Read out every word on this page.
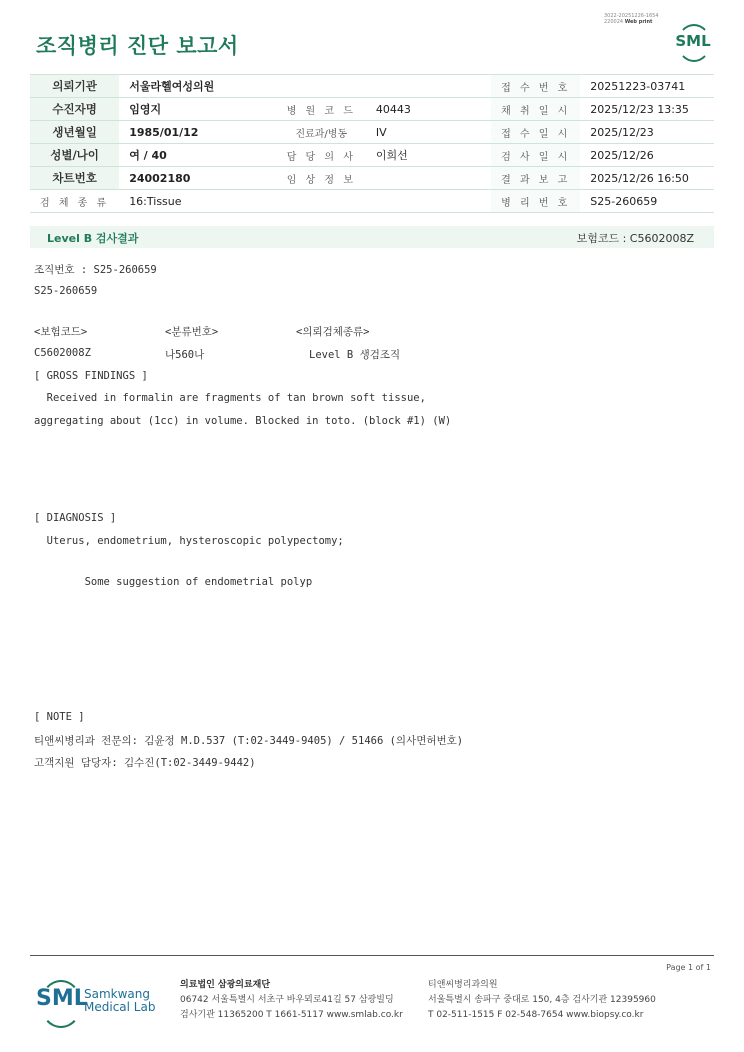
조직병리 진단 보고서
3022-20251226-1654
220024 Web print
SML
의뢰기관	서울라헬여성의원			접 수 번 호	20251223-03741
수진자명	임영지	병 원 코 드	40443	채 취 일 시	2025/12/23 13:35
생년월일	1985/01/12	진료과/병동	IV	접 수 일 시	2025/12/23
성별/나이	여 / 40	담 당 의 사	이희선	검 사 일 시	2025/12/26
차트번호	24002180	임 상 정 보		결 과 보 고	2025/12/26 16:50
검 체 종 류	16:Tissue			병 리 번 호	S25-260659
Level B 검사결과	보험코드 : C5602008Z
조직번호 : S25-260659
S25-260659
<보험코드>	<분류번호>	<의뢰검체종류>
C5602008Z	나560나	Level B 생검조직
[ GROSS FINDINGS ]
Received in formalin are fragments of tan brown soft tissue,
aggregating about (1cc) in volume. Blocked in toto. (block #1) (W)
[ DIAGNOSIS ]
Uterus, endometrium, hysteroscopic polypectomy;
Some suggestion of endometrial polyp
[ NOTE ]
티앤씨병리과 전문의: 김윤정 M.D.537 (T:02-3449-9405) / 51466 (의사면허번호)
고객지원 담당자: 김수진(T:02-3449-9442)
Page 1 of 1
SML
Samkwang
Medical Lab
의료법인 삼광의료재단
06742 서울특별시 서초구 바우뫼로41길 57 삼광빌딩
검사기관 11365200 T 1661-5117 www.smlab.co.kr
티앤씨병리과의원
서울특별시 송파구 중대로 150, 4층 검사기관 12395960
T 02-511-1515 F 02-548-7654 www.biopsy.co.kr
